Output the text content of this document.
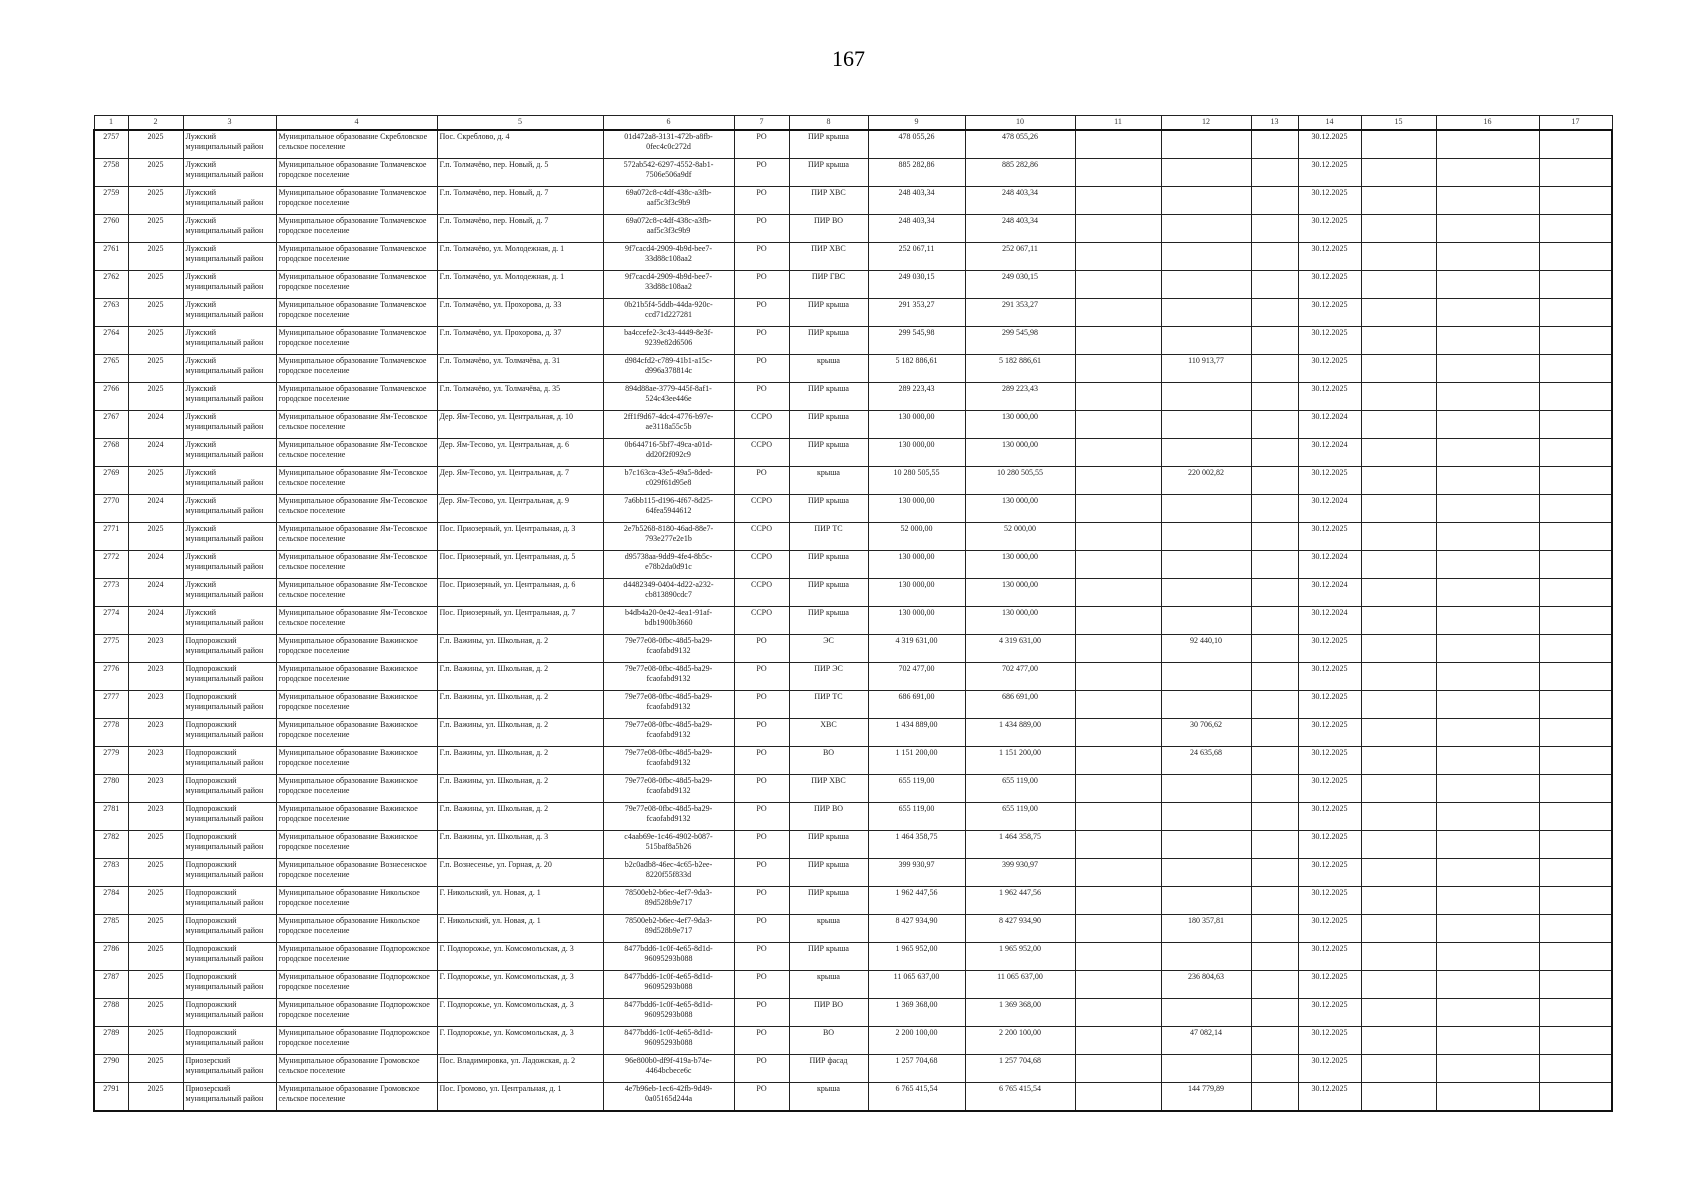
167
1	2	3	4	5	6	7	8	9	10	11	12	13	14	15	16	17
2757	2025	Лужский муниципальный район	Муниципальное образование Скребловское сельское поселение	Пос. Скреблово, д. 4	01d472a8-3131-472b-a8fb-0fec4c0c272d	РО	ПИР крыша	478 055,26	478 055,26				30.12.2025			
2758	2025	Лужский муниципальный район	Муниципальное образование Толмачевское городское поселение	Г.п. Толмачёво, пер. Новый, д. 5	572ab542-6297-4552-8ab1-7506e506a9df	РО	ПИР крыша	885 282,86	885 282,86				30.12.2025			
2759	2025	Лужский муниципальный район	Муниципальное образование Толмачевское городское поселение	Г.п. Толмачёво, пер. Новый, д. 7	69a072c8-c4df-438c-a3fb-aaf5c3f3c9b9	РО	ПИР ХВС	248 403,34	248 403,34				30.12.2025			
2760	2025	Лужский муниципальный район	Муниципальное образование Толмачевское городское поселение	Г.п. Толмачёво, пер. Новый, д. 7	69a072c8-c4df-438c-a3fb-aaf5c3f3c9b9	РО	ПИР ВО	248 403,34	248 403,34				30.12.2025			
2761	2025	Лужский муниципальный район	Муниципальное образование Толмачевское городское поселение	Г.п. Толмачёво, ул. Молодежная, д. 1	9f7cacd4-2909-4b9d-bee7-33d88c108aa2	РО	ПИР ХВС	252 067,11	252 067,11				30.12.2025			
2762	2025	Лужский муниципальный район	Муниципальное образование Толмачевское городское поселение	Г.п. Толмачёво, ул. Молодежная, д. 1	9f7cacd4-2909-4b9d-bee7-33d88c108aa2	РО	ПИР ГВС	249 030,15	249 030,15				30.12.2025			
2763	2025	Лужский муниципальный район	Муниципальное образование Толмачевское городское поселение	Г.п. Толмачёво, ул. Прохорова, д. 33	0b21b5f4-5ddb-44da-920c-ccd71d227281	РО	ПИР крыша	291 353,27	291 353,27				30.12.2025			
2764	2025	Лужский муниципальный район	Муниципальное образование Толмачевское городское поселение	Г.п. Толмачёво, ул. Прохорова, д. 37	ba4ccefe2-3c43-4449-8e3f-9239e82d6506	РО	ПИР крыша	299 545,98	299 545,98				30.12.2025			
2765	2025	Лужский муниципальный район	Муниципальное образование Толмачевское городское поселение	Г.п. Толмачёво, ул. Толмачёва, д. 31	d984cfd2-c789-41b1-a15c-d996a378814c	РО	крыша	5 182 886,61	5 182 886,61		110 913,77		30.12.2025			
2766	2025	Лужский муниципальный район	Муниципальное образование Толмачевское городское поселение	Г.п. Толмачёво, ул. Толмачёва, д. 35	894d88ae-3779-445f-8af1-524c43ee446e	РО	ПИР крыша	289 223,43	289 223,43				30.12.2025			
2767	2024	Лужский муниципальный район	Муниципальное образование Ям-Тесовское сельское поселение	Дер. Ям-Тесово, ул. Центральная, д. 10	2ff1f9d67-4dc4-4776-b97e-ae3118a55c5b	ССРО	ПИР крыша	130 000,00	130 000,00				30.12.2024			
2768	2024	Лужский муниципальный район	Муниципальное образование Ям-Тесовское сельское поселение	Дер. Ям-Тесово, ул. Центральная, д. 6	0b644716-5bf7-49ca-a01d-dd20f2f092c9	ССРО	ПИР крыша	130 000,00	130 000,00				30.12.2024			
2769	2025	Лужский муниципальный район	Муниципальное образование Ям-Тесовское сельское поселение	Дер. Ям-Тесово, ул. Центральная, д. 7	b7c163ca-43e5-49a5-8ded-c029f61d95e8	РО	крыша	10 280 505,55	10 280 505,55		220 002,82		30.12.2025			
2770	2024	Лужский муниципальный район	Муниципальное образование Ям-Тесовское сельское поселение	Дер. Ям-Тесово, ул. Центральная, д. 9	7a6bb115-d196-4f67-8d25-64fea5944612	ССРО	ПИР крыша	130 000,00	130 000,00				30.12.2024			
2771	2025	Лужский муниципальный район	Муниципальное образование Ям-Тесовское сельское поселение	Пос. Приозерный, ул. Центральная, д. 3	2e7b5268-8180-46ad-88e7-793e277e2e1b	ССРО	ПИР ТС	52 000,00	52 000,00				30.12.2025			
2772	2024	Лужский муниципальный район	Муниципальное образование Ям-Тесовское сельское поселение	Пос. Приозерный, ул. Центральная, д. 5	d95738aa-9dd9-4fe4-8b5c-e78b2da0d91c	ССРО	ПИР крыша	130 000,00	130 000,00				30.12.2024			
2773	2024	Лужский муниципальный район	Муниципальное образование Ям-Тесовское сельское поселение	Пос. Приозерный, ул. Центральная, д. 6	d4482349-0404-4d22-a232-cb813890cdc7	ССРО	ПИР крыша	130 000,00	130 000,00				30.12.2024			
2774	2024	Лужский муниципальный район	Муниципальное образование Ям-Тесовское сельское поселение	Пос. Приозерный, ул. Центральная, д. 7	b4db4a20-0e42-4ea1-91af-bdb1900b3660	ССРО	ПИР крыша	130 000,00	130 000,00				30.12.2024			
2775	2023	Подпорожский муниципальный район	Муниципальное образование Важинское городское поселение	Г.п. Важины, ул. Школьная, д. 2	79e77e08-0fbc-48d5-ba29-fcaofabd9132	РО	ЭС	4 319 631,00	4 319 631,00		92 440,10		30.12.2025			
2776	2023	Подпорожский муниципальный район	Муниципальное образование Важинское городское поселение	Г.п. Важины, ул. Школьная, д. 2	79e77e08-0fbc-48d5-ba29-fcaofabd9132	РО	ПИР ЭС	702 477,00	702 477,00				30.12.2025			
2777	2023	Подпорожский муниципальный район	Муниципальное образование Важинское городское поселение	Г.п. Важины, ул. Школьная, д. 2	79e77e08-0fbc-48d5-ba29-fcaofabd9132	РО	ПИР ТС	686 691,00	686 691,00				30.12.2025			
2778	2023	Подпорожский муниципальный район	Муниципальное образование Важинское городское поселение	Г.п. Важины, ул. Школьная, д. 2	79e77e08-0fbc-48d5-ba29-fcaofabd9132	РО	ХВС	1 434 889,00	1 434 889,00		30 706,62		30.12.2025			
2779	2023	Подпорожский муниципальный район	Муниципальное образование Важинское городское поселение	Г.п. Важины, ул. Школьная, д. 2	79e77e08-0fbc-48d5-ba29-fcaofabd9132	РО	ВО	1 151 200,00	1 151 200,00		24 635,68		30.12.2025			
2780	2023	Подпорожский муниципальный район	Муниципальное образование Важинское городское поселение	Г.п. Важины, ул. Школьная, д. 2	79e77e08-0fbc-48d5-ba29-fcaofabd9132	РО	ПИР ХВС	655 119,00	655 119,00				30.12.2025			
2781	2023	Подпорожский муниципальный район	Муниципальное образование Важинское городское поселение	Г.п. Важины, ул. Школьная, д. 2	79e77e08-0fbc-48d5-ba29-fcaofabd9132	РО	ПИР ВО	655 119,00	655 119,00				30.12.2025			
2782	2025	Подпорожский муниципальный район	Муниципальное образование Важинское городское поселение	Г.п. Важины, ул. Школьная, д. 3	c4aab69e-1c46-4902-b087-515baf8a5b26	РО	ПИР крыша	1 464 358,75	1 464 358,75				30.12.2025			
2783	2025	Подпорожский муниципальный район	Муниципальное образование Вознесенское городское поселение	Г.п. Вознесенье, ул. Горная, д. 20	b2c0adb8-46ec-4c65-b2ee-8220f55f833d	РО	ПИР крыша	399 930,97	399 930,97				30.12.2025			
2784	2025	Подпорожский муниципальный район	Муниципальное образование Никольское городское поселение	Г. Никольский, ул. Новая, д. 1	78500eb2-b6ec-4ef7-9da3-89d528b9e717	РО	ПИР крыша	1 962 447,56	1 962 447,56				30.12.2025			
2785	2025	Подпорожский муниципальный район	Муниципальное образование Никольское городское поселение	Г. Никольский, ул. Новая, д. 1	78500eb2-b6ec-4ef7-9da3-89d528b9e717	РО	крыша	8 427 934,90	8 427 934,90		180 357,81		30.12.2025			
2786	2025	Подпорожский муниципальный район	Муниципальное образование Подпорожское городское поселение	Г. Подпорожье, ул. Комсомольская, д. 3	8477bdd6-1c0f-4e65-8d1d-96095293b088	РО	ПИР крыша	1 965 952,00	1 965 952,00				30.12.2025			
2787	2025	Подпорожский муниципальный район	Муниципальное образование Подпорожское городское поселение	Г. Подпорожье, ул. Комсомольская, д. 3	8477bdd6-1c0f-4e65-8d1d-96095293b088	РО	крыша	11 065 637,00	11 065 637,00		236 804,63		30.12.2025			
2788	2025	Подпорожский муниципальный район	Муниципальное образование Подпорожское городское поселение	Г. Подпорожье, ул. Комсомольская, д. 3	8477bdd6-1c0f-4e65-8d1d-96095293b088	РО	ПИР ВО	1 369 368,00	1 369 368,00				30.12.2025			
2789	2025	Подпорожский муниципальный район	Муниципальное образование Подпорожское городское поселение	Г. Подпорожье, ул. Комсомольская, д. 3	8477bdd6-1c0f-4e65-8d1d-96095293b088	РО	ВО	2 200 100,00	2 200 100,00		47 082,14		30.12.2025			
2790	2025	Приозерский муниципальный район	Муниципальное образование Громовское сельское поселение	Пос. Владимировка, ул. Ладожская, д. 2	96e800b0-df9f-419a-b74e-4464bcbece6c	РО	ПИР фасад	1 257 704,68	1 257 704,68				30.12.2025			
2791	2025	Приозерский муниципальный район	Муниципальное образование Громовское сельское поселение	Пос. Громово, ул. Центральная, д. 1	4e7b96eb-1ec6-42fb-9d49-0a05165d244a	РО	крыша	6 765 415,54	6 765 415,54		144 779,89		30.12.2025			
